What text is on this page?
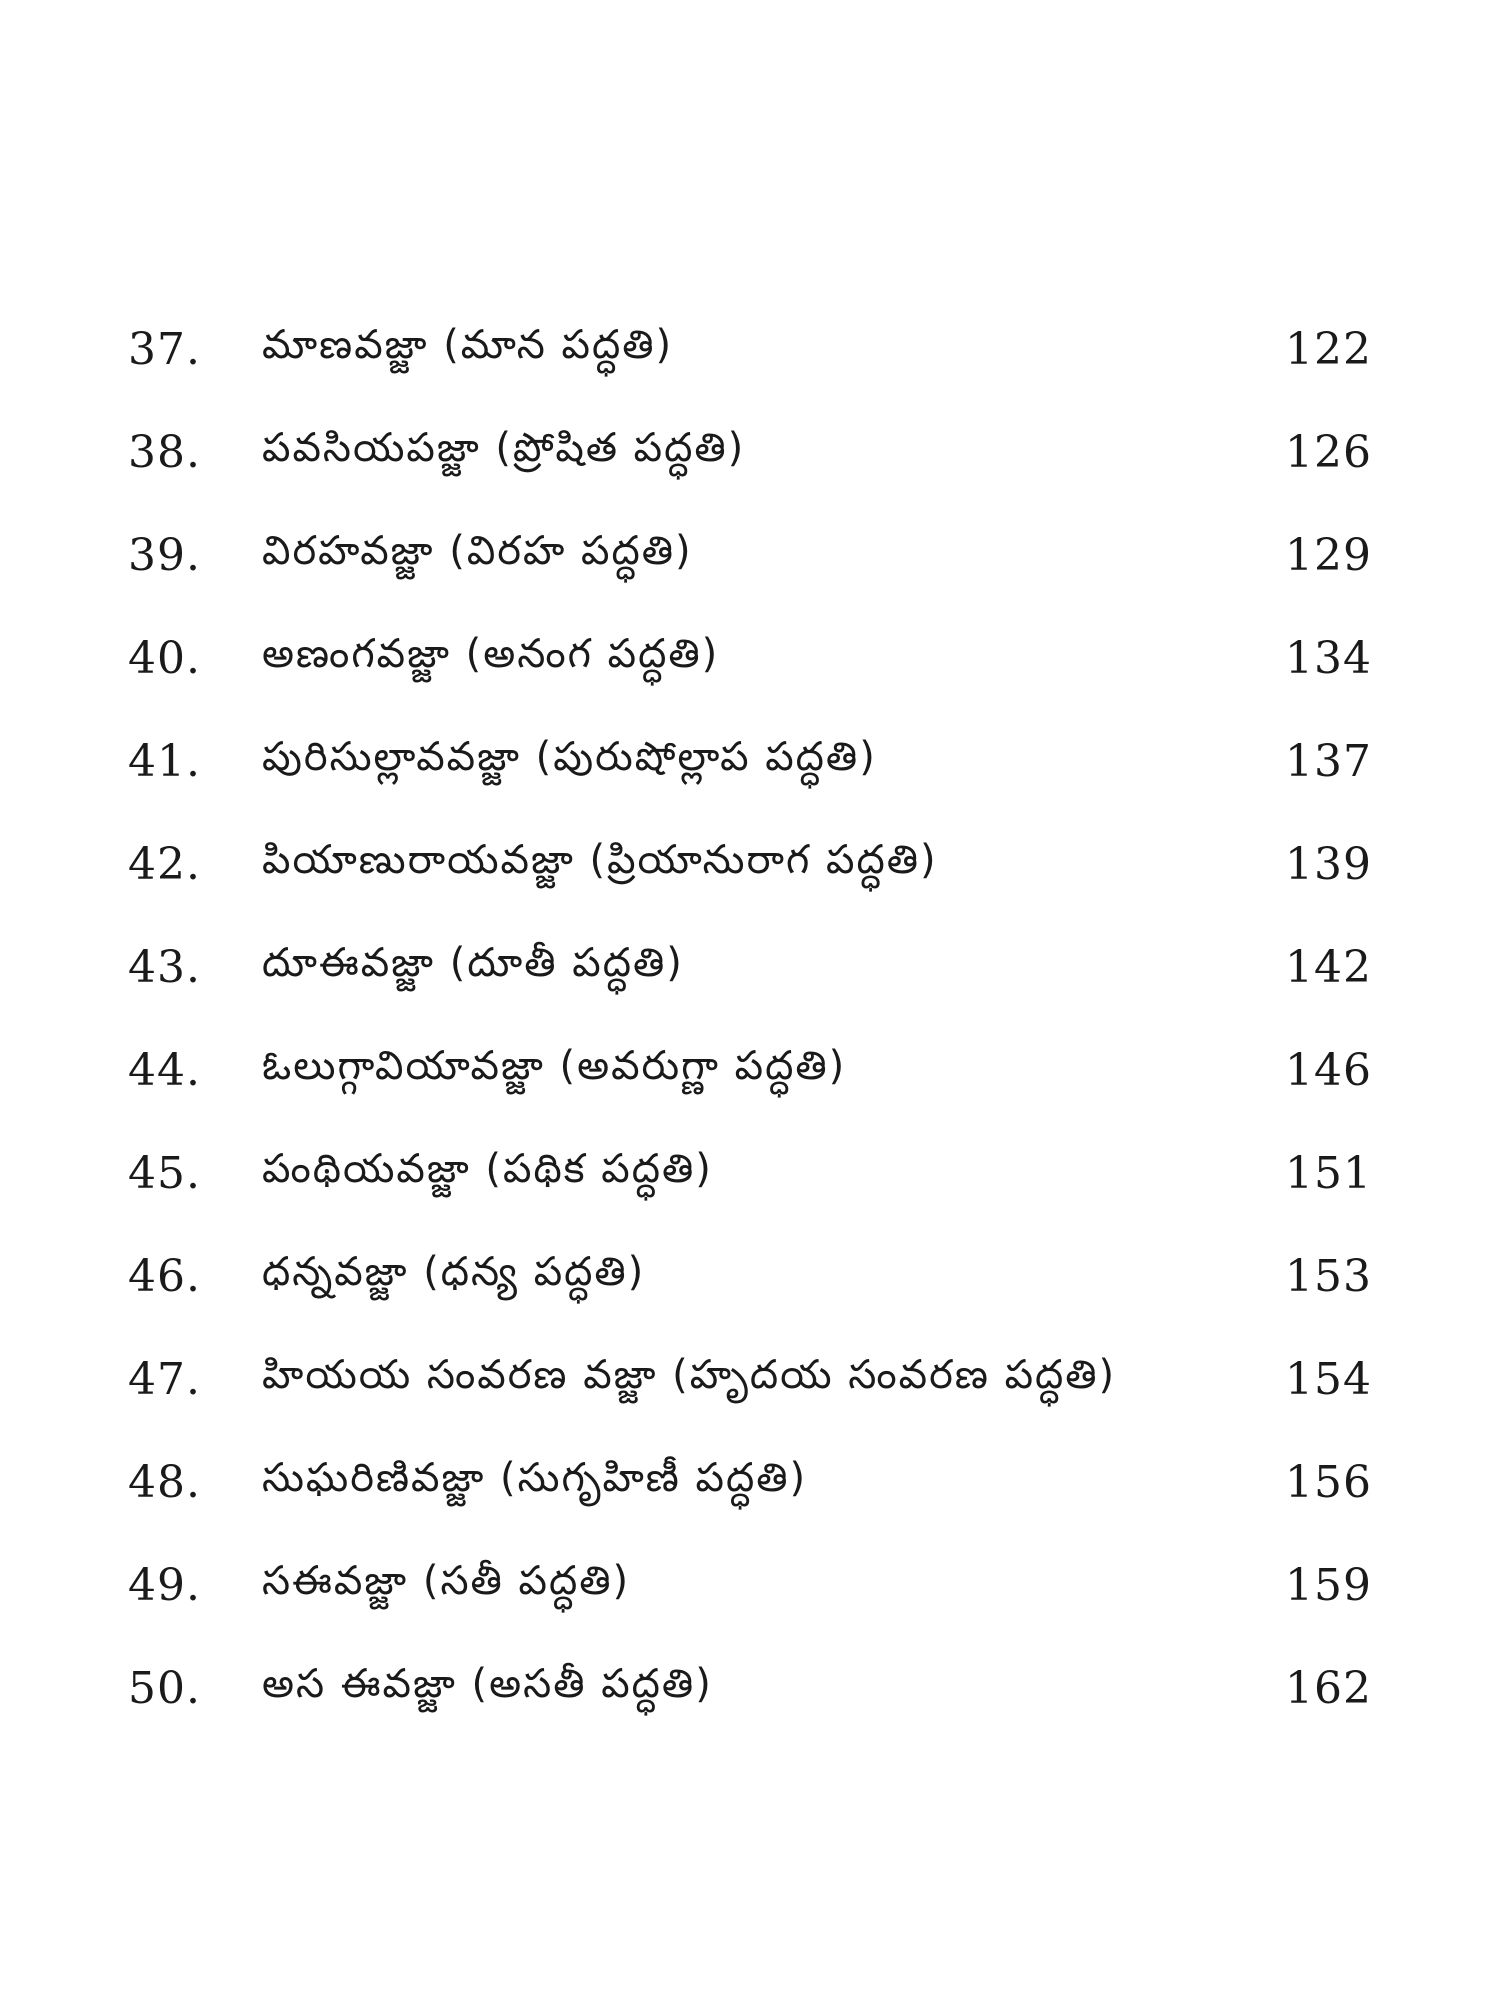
37. మాణవజ్జా (మాన పద్ధతి)	122
38. పవసియపజ్జా (ప్రోషిత పద్ధతి)	126
39. విరహవజ్జా (విరహ పద్ధతి)	129
40. అణంగవజ్జా (అనంగ పద్ధతి)	134
41. పురిసుల్లావవజ్జా (పురుషోల్లాప పద్ధతి)	137
42. పియాణురాయవజ్జా (ప్రియానురాగ పద్ధతి)	139
43. దూఈవజ్జా (దూతీ పద్ధతి)	142
44. ఓలుగ్గావియావజ్జా (అవరుగ్ణా పద్ధతి)	146
45. పంథియవజ్జా (పథిక పద్ధతి)	151
46. ధన్నవజ్జా (ధన్య పద్ధతి)	153
47. హియయ సంవరణ వజ్జా (హృదయ సంవరణ పద్ధతి)	154
48. సుఘరిణివజ్జా (సుగృహిణీ పద్ధతి)	156
49. సఈవజ్జా (సతీ పద్ధతి)	159
50. అస ఈవజ్జా (అసతీ పద్ధతి)	162
